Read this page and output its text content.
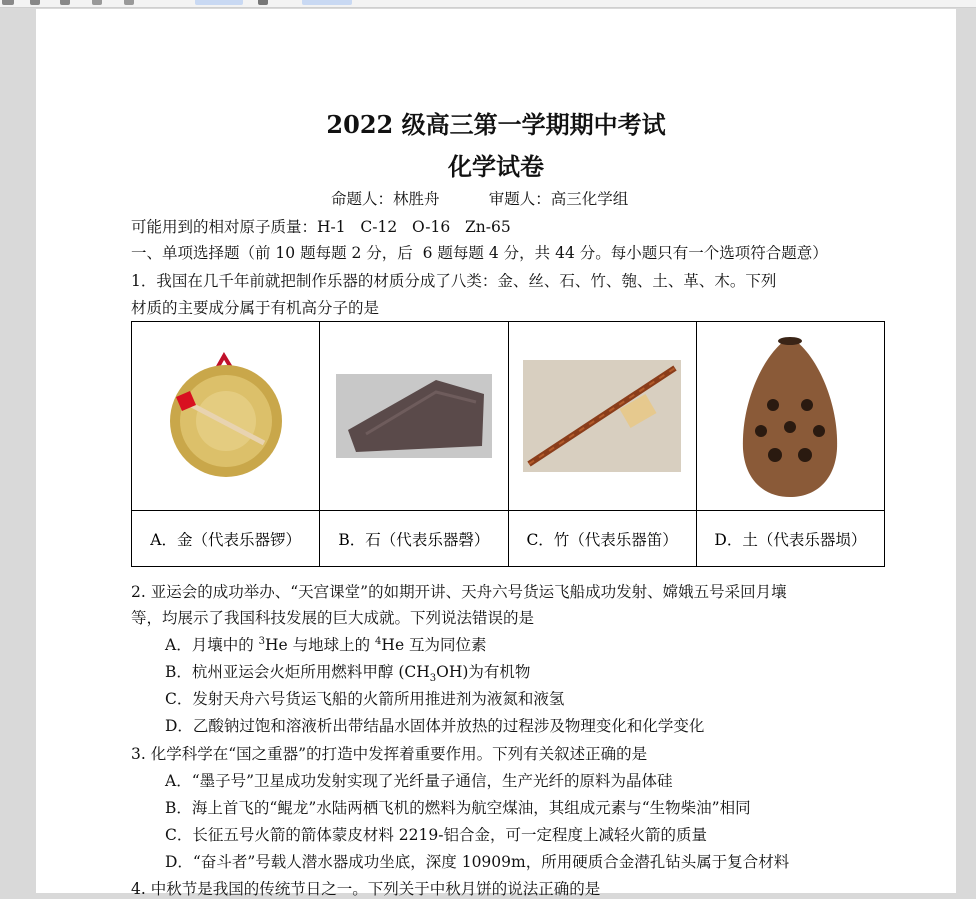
2022 级高三第一学期期中考试
化学试卷
命题人：林胜舟          审题人：高三化学组
可能用到的相对原子质量：H-1   C-12   O-16   Zn-65
一、单项选择题（前 10 题每题 2 分，后  6 题每题 4 分，共 44 分。每小题只有一个选项符合题意）
1．我国在几千年前就把制作乐器的材质分成了八类：金、丝、石、竹、匏、土、革、木。下列
材质的主要成分属于有机高分子的是

A．金（代表乐器锣）	B．石（代表乐器磬）	C．竹（代表乐器笛）	D．土（代表乐器埙）
2. 亚运会的成功举办、“天宫课堂”的如期开讲、天舟六号货运飞船成功发射、嫦娥五号采回月壤
等，均展示了我国科技发展的巨大成就。下列说法错误的是
A．月壤中的 $^3$He 与地球上的 $^4$He 互为同位素
B．杭州亚运会火炬所用燃料甲醇 $(CH_3OH)$为有机物
C．发射天舟六号货运飞船的火箭所用推进剂为液氮和液氢
D．乙酸钠过饱和溶液析出带结晶水固体并放热的过程涉及物理变化和化学变化
3. 化学科学在“国之重器”的打造中发挥着重要作用。下列有关叙述正确的是
A．“墨子号”卫星成功发射实现了光纤量子通信，生产光纤的原料为晶体硅
B．海上首飞的“鲲龙”水陆两栖飞机的燃料为航空煤油，其组成元素与“生物柴油”相同
C．长征五号火箭的箭体蒙皮材料 2219-铝合金，可一定程度上减轻火箭的质量
D．“奋斗者”号载人潜水器成功坐底，深度 10909m，所用硬质合金潜孔钻头属于复合材料
4. 中秋节是我国的传统节日之一。下列关于中秋月饼的说法正确的是
